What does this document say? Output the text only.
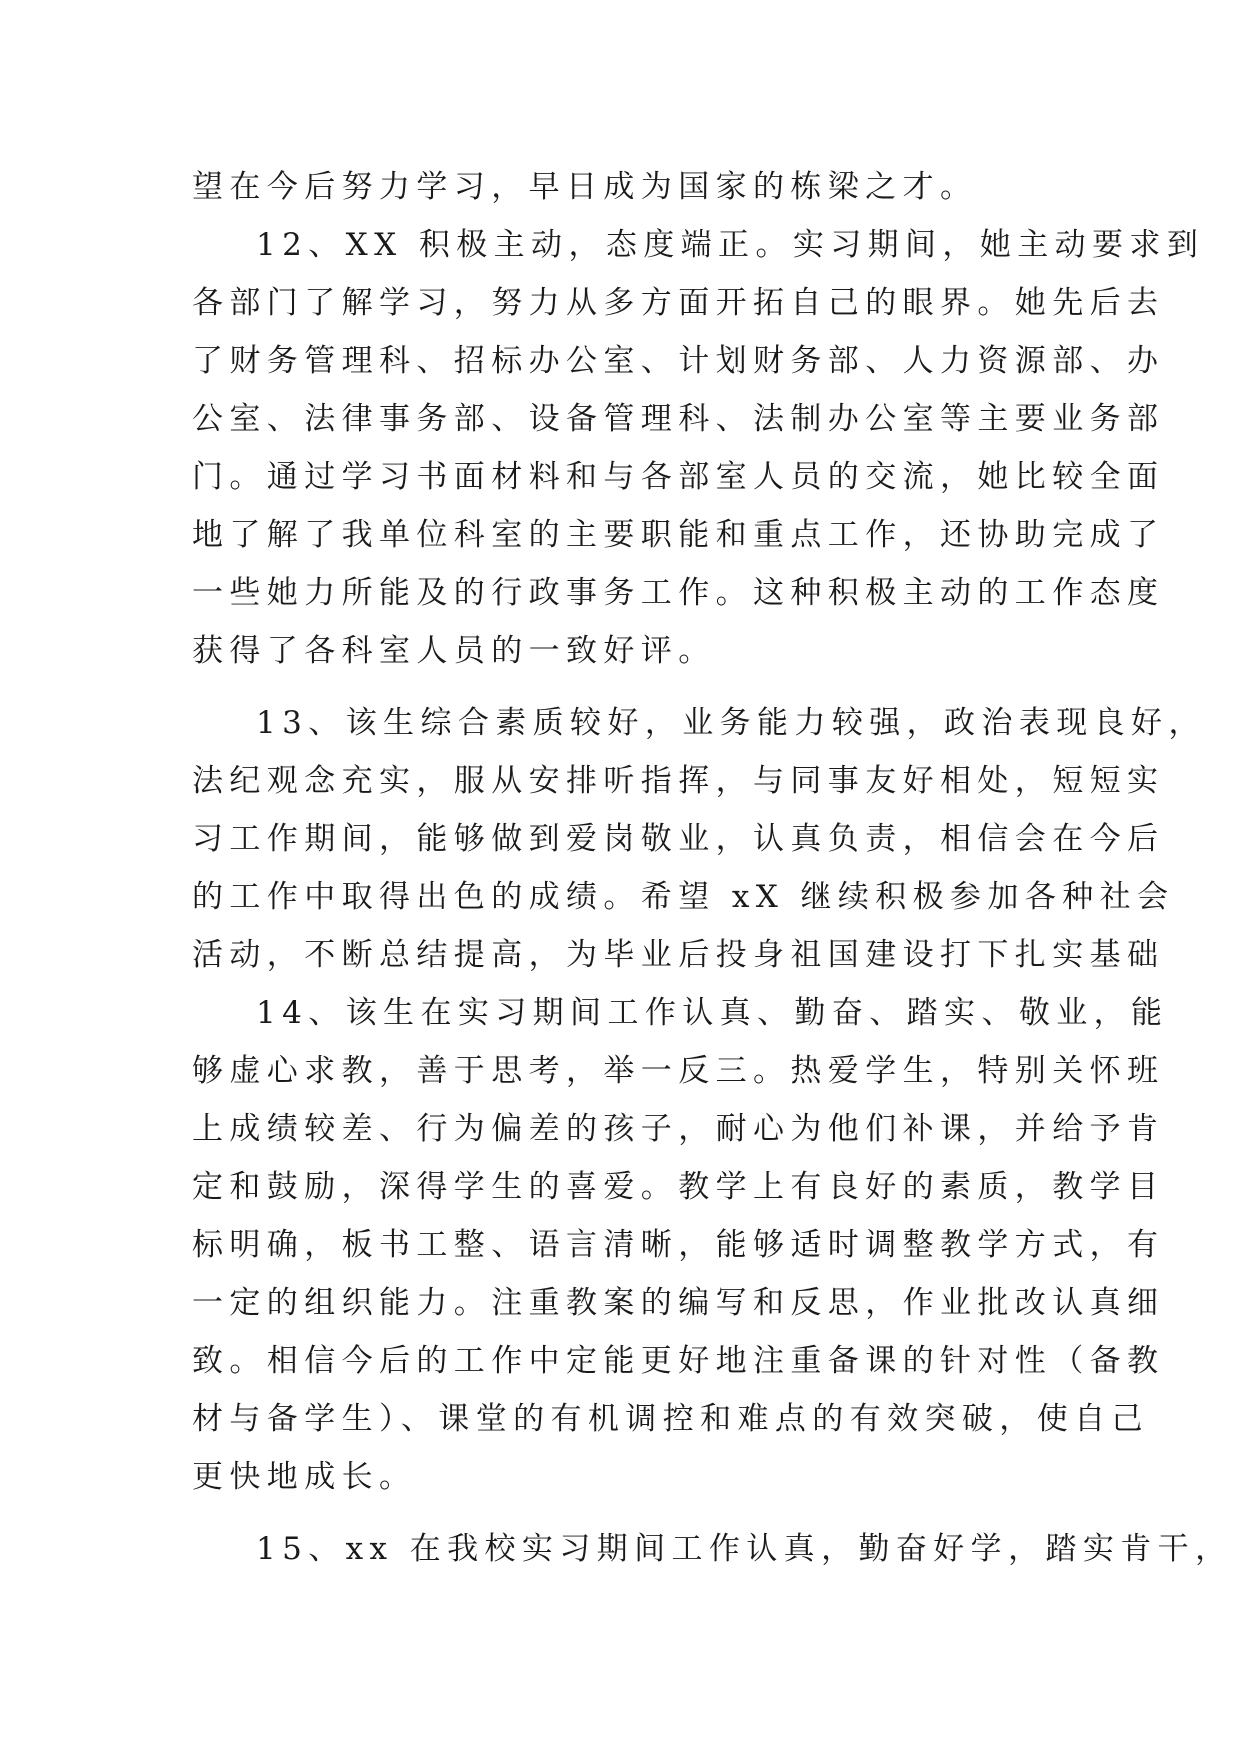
望在今后努力学习，早日成为国家的栋梁之才。
12、XX 积极主动，态度端正。实习期间，她主动要求到
各部门了解学习，努力从多方面开拓自己的眼界。她先后去
了财务管理科、招标办公室、计划财务部、人力资源部、办
公室、法律事务部、设备管理科、法制办公室等主要业务部
门。通过学习书面材料和与各部室人员的交流，她比较全面
地了解了我单位科室的主要职能和重点工作，还协助完成了
一些她力所能及的行政事务工作。这种积极主动的工作态度
获得了各科室人员的一致好评。
13、该生综合素质较好，业务能力较强，政治表现良好，
法纪观念充实，服从安排听指挥，与同事友好相处，短短实
习工作期间，能够做到爱岗敬业，认真负责，相信会在今后
的工作中取得出色的成绩。希望 xX 继续积极参加各种社会
活动，不断总结提高，为毕业后投身祖国建设打下扎实基础
14、该生在实习期间工作认真、勤奋、踏实、敬业，能
够虚心求教，善于思考，举一反三。热爱学生，特别关怀班
上成绩较差、行为偏差的孩子，耐心为他们补课，并给予肯
定和鼓励，深得学生的喜爱。教学上有良好的素质，教学目
标明确，板书工整、语言清晰，能够适时调整教学方式，有
一定的组织能力。注重教案的编写和反思，作业批改认真细
致。相信今后的工作中定能更好地注重备课的针对性（备教
材与备学生）、课堂的有机调控和难点的有效突破，使自己
更快地成长。
15、xx 在我校实习期间工作认真，勤奋好学，踏实肯干，
